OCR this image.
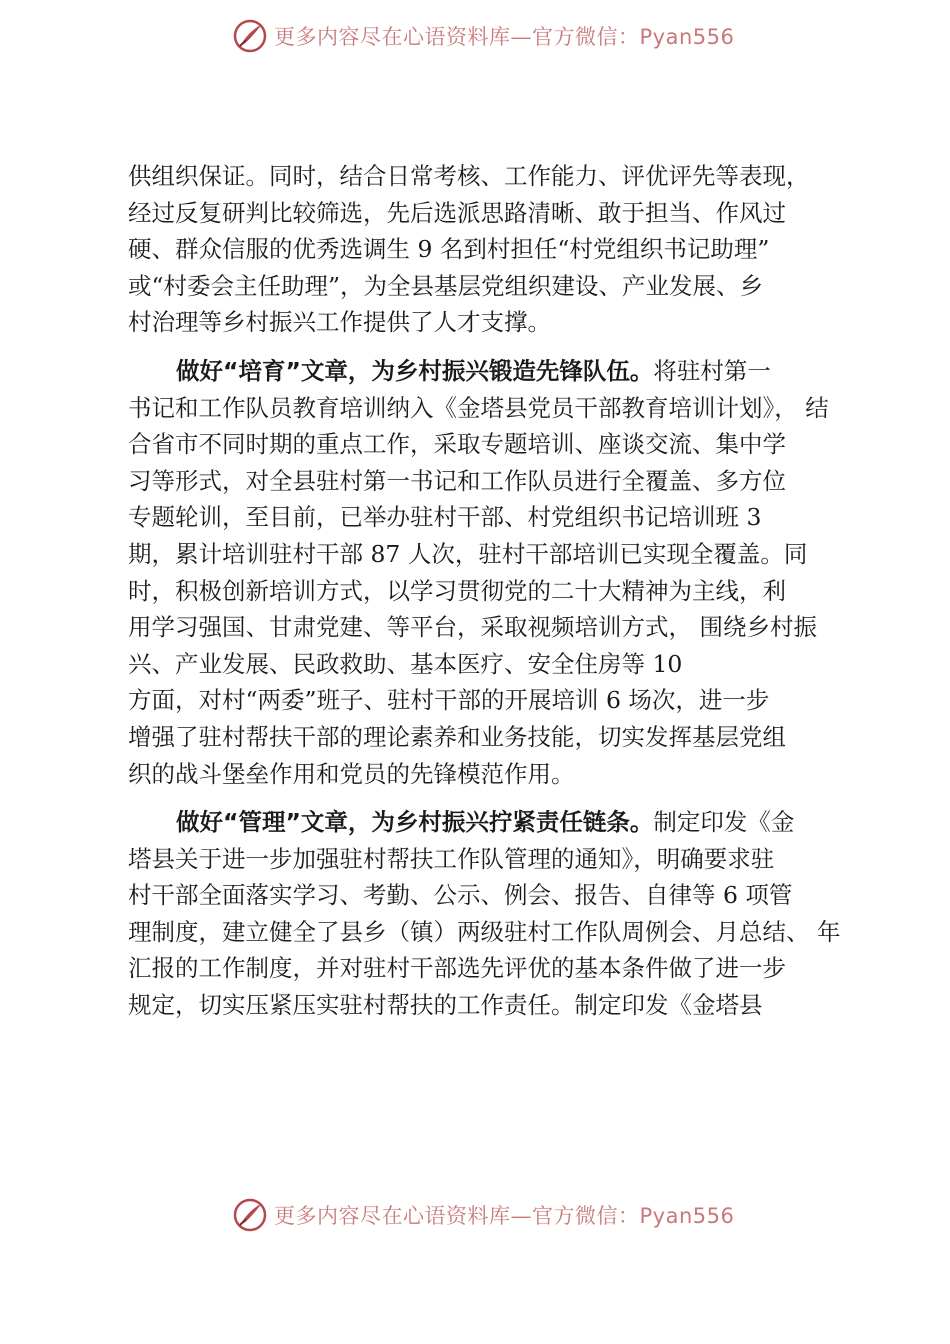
更多内容尽在心语资料库—官方微信：Pyan556
供组织保证。同时，结合日常考核、工作能力、评优评先等表现，
经过反复研判比较筛选，先后选派思路清晰、敢于担当、作风过
硬、群众信服的优秀选调生 9 名到村担任“村党组织书记助理”
或“村委会主任助理”，为全县基层党组织建设、产业发展、乡
村治理等乡村振兴工作提供了人才支撑。
做好“培育”文章，为乡村振兴锻造先锋队伍。将驻村第一
书记和工作队员教育培训纳入《金塔县党员干部教育培训计划》， 结
合省市不同时期的重点工作，采取专题培训、座谈交流、集中学
习等形式，对全县驻村第一书记和工作队员进行全覆盖、多方位
专题轮训，至目前，已举办驻村干部、村党组织书记培训班 3
期，累计培训驻村干部 87 人次，驻村干部培训已实现全覆盖。同
时，积极创新培训方式，以学习贯彻党的二十大精神为主线，利
用学习强国、甘肃党建、等平台，采取视频培训方式， 围绕乡村振
兴、产业发展、民政救助、基本医疗、安全住房等 10
方面，对村“两委”班子、驻村干部的开展培训 6 场次，进一步
增强了驻村帮扶干部的理论素养和业务技能，切实发挥基层党组
织的战斗堡垒作用和党员的先锋模范作用。
做好“管理”文章，为乡村振兴拧紧责任链条。制定印发《金
塔县关于进一步加强驻村帮扶工作队管理的通知》，明确要求驻
村干部全面落实学习、考勤、公示、例会、报告、自律等 6 项管
理制度，建立健全了县乡（镇）两级驻村工作队周例会、月总结、 年
汇报的工作制度，并对驻村干部选先评优的基本条件做了进一步
规定，切实压紧压实驻村帮扶的工作责任。制定印发《金塔县
更多内容尽在心语资料库—官方微信：Pyan556
